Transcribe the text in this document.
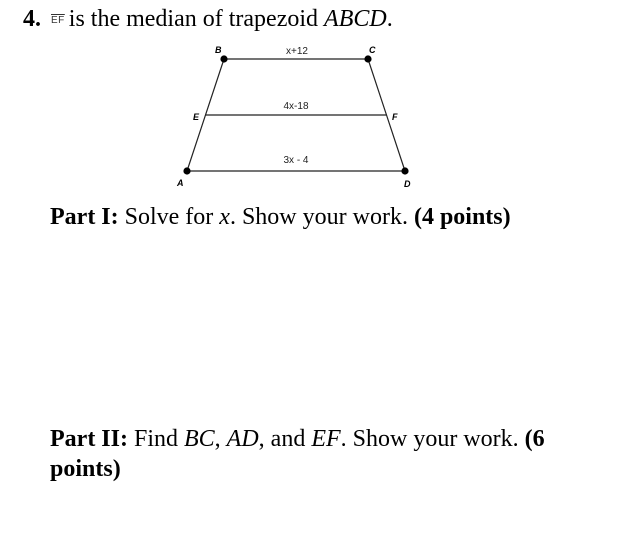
4. $\overline{EF}$ is the median of trapezoid ABCD.
B	C
E	F
A	D
x+12
4x-18
3x - 4
Part I: Solve for x. Show your work. (4 points)
Part II: Find BC, AD, and EF. Show your work. (6 points)
